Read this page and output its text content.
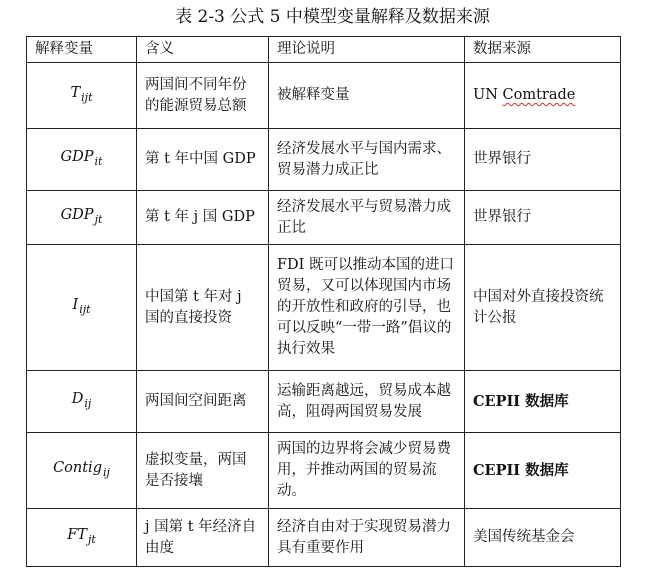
表 2-3 公式 5 中模型变量解释及数据来源
解释变量	含义	理论说明	数据来源
$T_{ijt}$	两国间不同年份的能源贸易总额	被解释变量	UN Comtrade
$GDP_{it}$	第 t 年中国 GDP	经济发展水平与国内需求、贸易潜力成正比	世界银行
$GDP_{jt}$	第 t 年 j 国 GDP	经济发展水平与贸易潜力成正比	世界银行
$I_{ijt}$	中国第 t 年对 j 国的直接投资	FDI 既可以推动本国的进口贸易，又可以体现国内市场的开放性和政府的引导，也可以反映“一带一路”倡议的执行效果	中国对外直接投资统计公报
$D_{ij}$	两国间空间距离	运输距离越远，贸易成本越高，阻碍两国贸易发展	CEPII 数据库
Contig$_{ij}$	虚拟变量，两国是否接壤	两国的边界将会减少贸易费用，并推动两国的贸易流动。	CEPII 数据库
$FT_{jt}$	j 国第 t 年经济自由度	经济自由对于实现贸易潜力具有重要作用	美国传统基金会
